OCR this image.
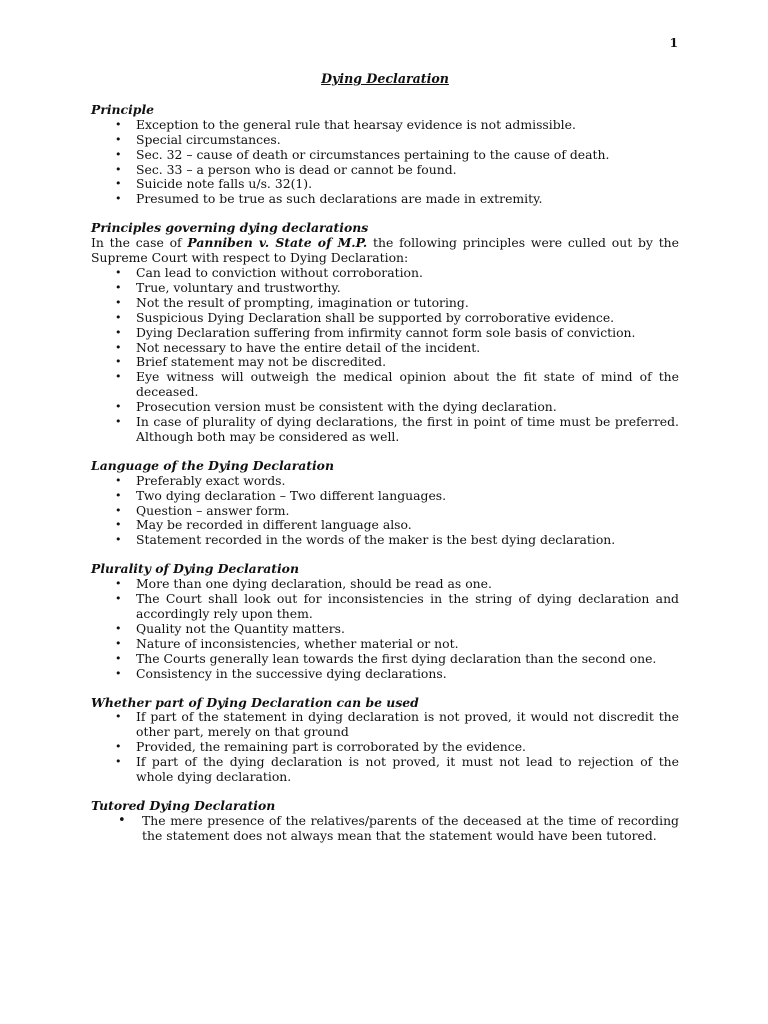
1

Dying Declaration

Principle

• Exception to the general rule that hearsay evidence is not admissible.
• Special circumstances.
• Sec. 32 – cause of death or circumstances pertaining to the cause of death.
• Sec. 33 – a person who is dead or cannot be found.
• Suicide note falls u/s. 32(1).
• Presumed to be true as such declarations are made in extremity.

Principles governing dying declarations

In the case of Panniben v. State of M.P. the following principles were culled out by the Supreme Court with respect to Dying Declaration:

• Can lead to conviction without corroboration.
• True, voluntary and trustworthy.
• Not the result of prompting, imagination or tutoring.
• Suspicious Dying Declaration shall be supported by corroborative evidence.
• Dying Declaration suffering from infirmity cannot form sole basis of conviction.
• Not necessary to have the entire detail of the incident.
• Brief statement may not be discredited.
• Eye witness will outweigh the medical opinion about the fit state of mind of the deceased.
• Prosecution version must be consistent with the dying declaration.
• In case of plurality of dying declarations, the first in point of time must be preferred. Although both may be considered as well.

Language of the Dying Declaration

• Preferably exact words.
• Two dying declaration – Two different languages.
• Question – answer form.
• May be recorded in different language also.
• Statement recorded in the words of the maker is the best dying declaration.

Plurality of Dying Declaration

• More than one dying declaration, should be read as one.
• The Court shall look out for inconsistencies in the string of dying declaration and accordingly rely upon them.
• Quality not the Quantity matters.
• Nature of inconsistencies, whether material or not.
• The Courts generally lean towards the first dying declaration than the second one.
• Consistency in the successive dying declarations.

Whether part of Dying Declaration can be used

• If part of the statement in dying declaration is not proved, it would not discredit the other part, merely on that ground
• Provided, the remaining part is corroborated by the evidence.
• If part of the dying declaration is not proved, it must not lead to rejection of the whole dying declaration.

Tutored Dying Declaration

• The mere presence of the relatives/parents of the deceased at the time of recording the statement does not always mean that the statement would have been tutored.
